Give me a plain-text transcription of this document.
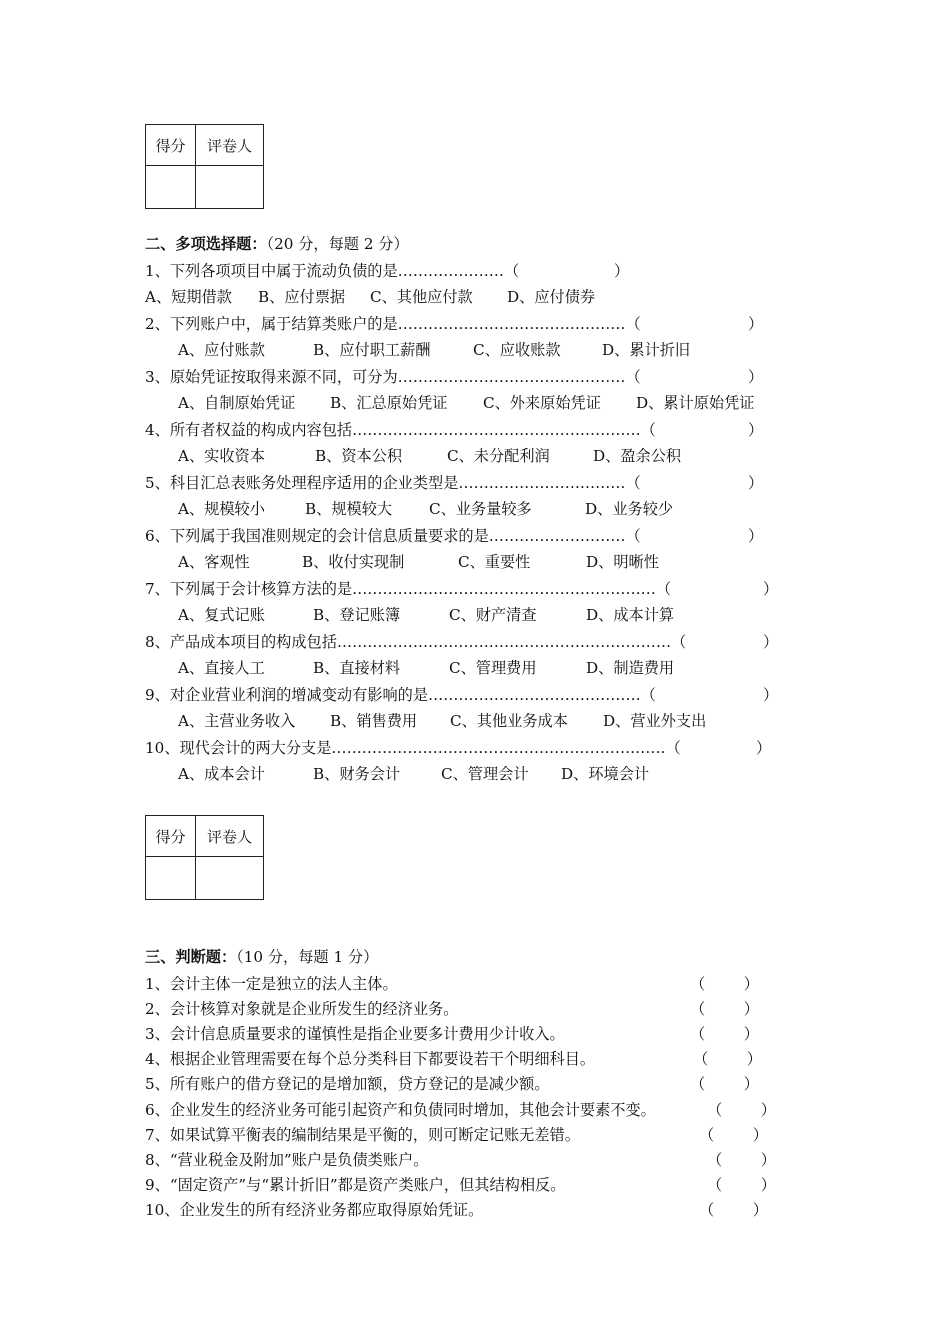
得分	评卷人

二、多项选择题：（20 分，每题 2 分）
1、下列各项项目中属于流动负债的是…………………（	）
A、短期借款 B、应付票据 C、其他应付款 D、应付债券
2、下列账户中，属于结算类账户的是………………………………………（	）
A、应付账款	B、应付职工薪酬	C、应收账款	D、累计折旧
3、原始凭证按取得来源不同，可分为………………………………………（	）
A、自制原始凭证 B、汇总原始凭证 C、外来原始凭证 D、累计原始凭证
4、所有者权益的构成内容包括…………………………………………………（	）
A、实收资本	B、资本公积	C、未分配利润	D、盈余公积
5、科目汇总表账务处理程序适用的企业类型是……………………………（	）
A、规模较小	B、规模较大 C、业务量较多	D、业务较少
6、下列属于我国准则规定的会计信息质量要求的是………………………（	）
A、客观性	B、收付实现制	C、重要性	D、明晰性
7、下列属于会计核算方法的是……………………………………………………（	）
A、复式记账	B、登记账簿	C、财产清查	D、成本计算
8、产品成本项目的构成包括…………………………………………………………（	）
A、直接人工	B、直接材料	C、管理费用	D、制造费用
9、对企业营业利润的增减变动有影响的是……………………………………（	）
A、主营业务收入 B、销售费用 C、其他业务成本 D、营业外支出
10、现代会计的两大分支是…………………………………………………………（	）
A、成本会计	B、财务会计	C、管理会计 D、环境会计
得分	评卷人

三、判断题：（10 分，每题 1 分）
1、会计主体一定是独立的法人主体。	（        ）
2、会计核算对象就是企业所发生的经济业务。	（        ）
3、会计信息质量要求的谨慎性是指企业要多计费用少计收入。	（        ）
4、根据企业管理需要在每个总分类科目下都要设若干个明细科目。	（        ）
5、所有账户的借方登记的是增加额，贷方登记的是减少额。	（        ）
6、企业发生的经济业务可能引起资产和负债同时增加，其他会计要素不变。	（        ）
7、如果试算平衡表的编制结果是平衡的，则可断定记账无差错。	（        ）
8、“营业税金及附加”账户是负债类账户。	（        ）
9、“固定资产”与“累计折旧”都是资产类账户，但其结构相反。	（        ）
10、企业发生的所有经济业务都应取得原始凭证。	（        ）
